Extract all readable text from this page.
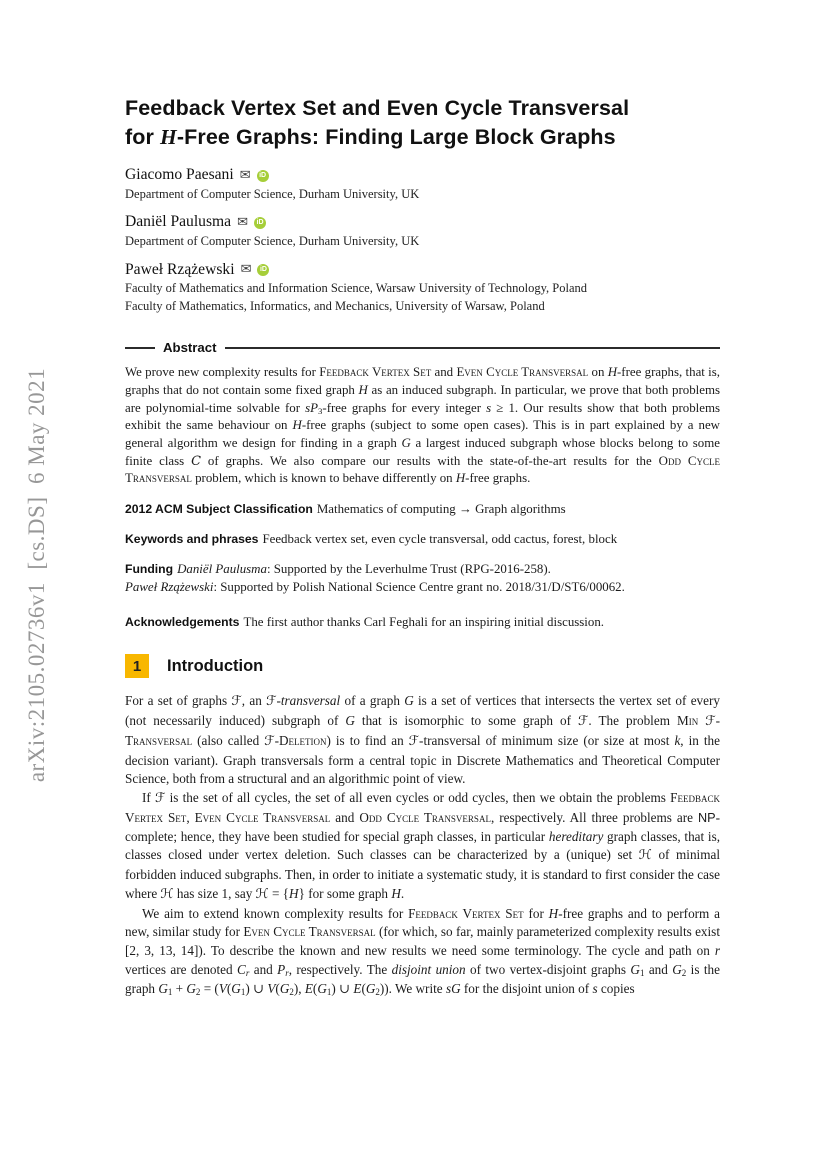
arXiv:2105.02736v1  [cs.DS]  6 May 2021
Feedback Vertex Set and Even Cycle Transversal
for H-Free Graphs: Finding Large Block Graphs
Giacomo Paesani ✉	iD
Department of Computer Science, Durham University, UK
Daniël Paulusma ✉	iD
Department of Computer Science, Durham University, UK
Paweł Rzążewski ✉	iD
Faculty of Mathematics and Information Science, Warsaw University of Technology, Poland
Faculty of Mathematics, Informatics, and Mechanics, University of Warsaw, Poland
Abstract

We prove new complexity results for Feedback Vertex Set and Even Cycle Transversal on H-free graphs, that is, graphs that do not contain some fixed graph H as an induced subgraph. In particular, we prove that both problems are polynomial-time solvable for $sP_3$-free graphs for every integer s ≥ 1. Our results show that both problems exhibit the same behaviour on H-free graphs (subject to some open cases). This is in part explained by a new general algorithm we design for finding in a graph G a largest induced subgraph whose blocks belong to some finite class C of graphs. We also compare our results with the state-of-the-art results for the Odd Cycle Transversal problem, which is known to behave differently on H-free graphs.

2012 ACM Subject Classification Mathematics of computing → Graph algorithms
Keywords and phrases Feedback vertex set, even cycle transversal, odd cactus, forest, block
Funding Daniël Paulusma: Supported by the Leverhulme Trust (RPG-2016-258).
Paweł Rzążewski: Supported by Polish National Science Centre grant no. 2018/31/D/ST6/00062.
Acknowledgements The first author thanks Carl Feghali for an inspiring initial discussion.
1	Introduction

For a set of graphs ℱ, an ℱ-transversal of a graph G is a set of vertices that intersects the vertex set of every (not necessarily induced) subgraph of G that is isomorphic to some graph of ℱ. The problem Min ℱ-Transversal (also called ℱ-Deletion) is to find an ℱ-transversal of minimum size (or size at most k, in the decision variant). Graph transversals form a central topic in Discrete Mathematics and Theoretical Computer Science, both from a structural and an algorithmic point of view.

If ℱ is the set of all cycles, the set of all even cycles or odd cycles, then we obtain the problems Feedback Vertex Set, Even Cycle Transversal and Odd Cycle Transversal, respectively. All three problems are NP-complete; hence, they have been studied for special graph classes, in particular hereditary graph classes, that is, classes closed under vertex deletion. Such classes can be characterized by a (unique) set ℋ of minimal forbidden induced subgraphs. Then, in order to initiate a systematic study, it is standard to first consider the case where ℋ has size 1, say ℋ = {H} for some graph H.

We aim to extend known complexity results for Feedback Vertex Set for H-free graphs and to perform a new, similar study for Even Cycle Transversal (for which, so far, mainly parameterized complexity results exist [2, 3, 13, 14]). To describe the known and new results we need some terminology. The cycle and path on r vertices are denoted Cr and Pr, respectively. The disjoint union of two vertex-disjoint graphs $G_1$ and $G_2$ is the graph $G_1 + G_2 = (V(G_1)$ ∪ $V(G_2)$, $E(G_1)$ ∪ $E(G_2)$). We write sG for the disjoint union of s copies
